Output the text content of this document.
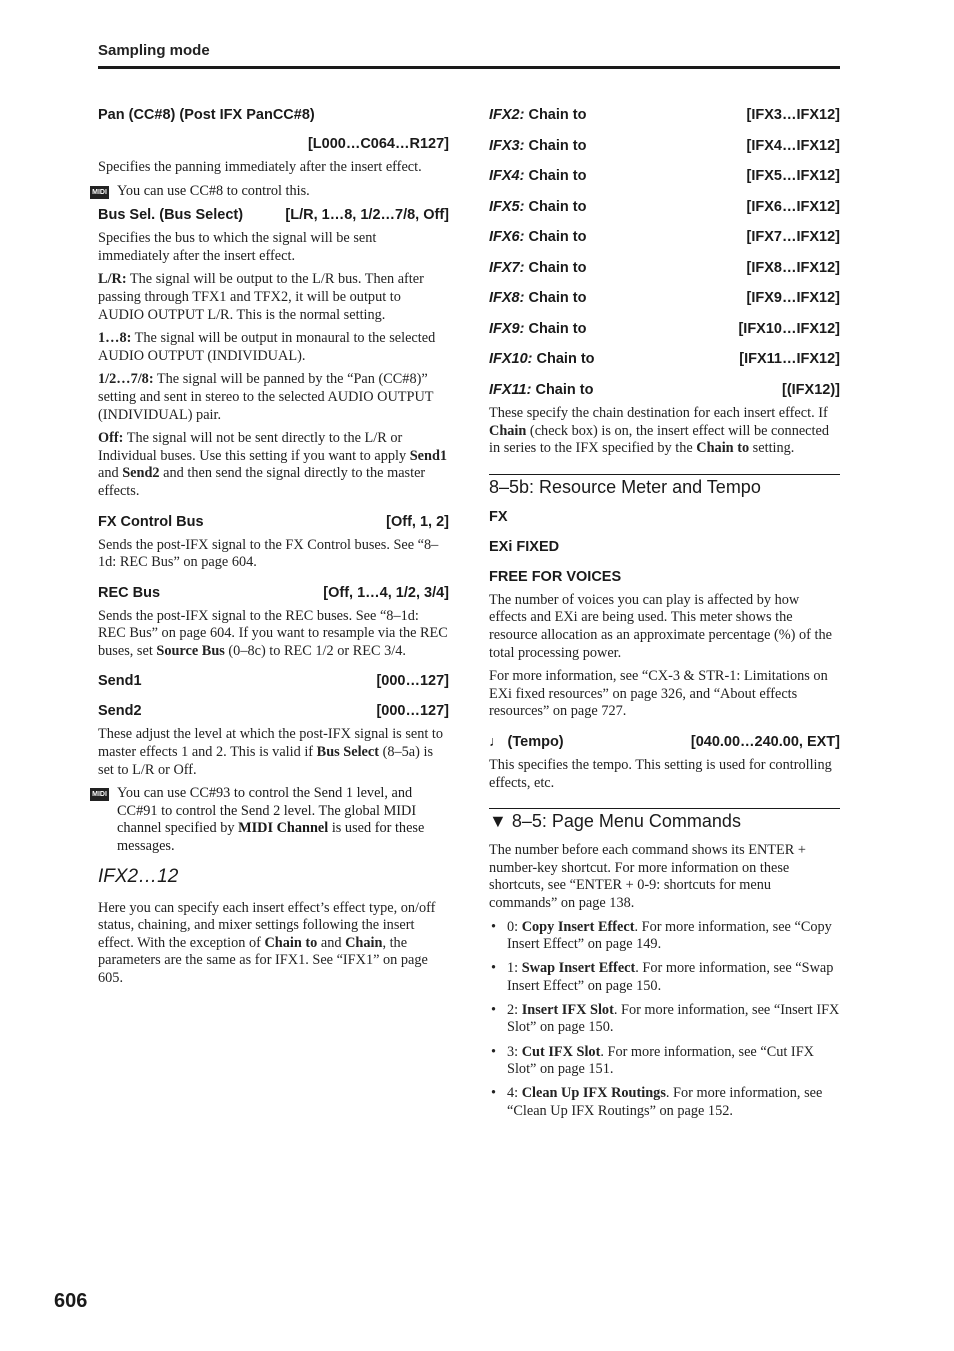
Sampling mode
Pan (CC#8) (Post IFX PanCC#8)
[L000…C064…R127]

Specifies the panning immediately after the insert effect.

MIDI You can use CC#8 to control this.
Bus Sel. (Bus Select)	[L/R, 1…8, 1/2…7/8, Off]

Specifies the bus to which the signal will be sent immediately after the insert effect.

L/R: The signal will be output to the L/R bus. Then after passing through TFX1 and TFX2, it will be output to AUDIO OUTPUT L/R. This is the normal setting.

1…8: The signal will be output in monaural to the selected AUDIO OUTPUT (INDIVIDUAL).

1/2…7/8: The signal will be panned by the “Pan (CC#8)” setting and sent in stereo to the selected AUDIO OUTPUT (INDIVIDUAL) pair.

Off: The signal will not be sent directly to the L/R or Individual buses. Use this setting if you want to apply Send1 and Send2 and then send the signal directly to the master effects.

FX Control Bus	[Off, 1, 2]

Sends the post-IFX signal to the FX Control buses. See “8–1d: REC Bus” on page 604.

REC Bus	[Off, 1…4, 1/2, 3/4]

Sends the post-IFX signal to the REC buses. See “8–1d: REC Bus” on page 604. If you want to resample via the REC buses, set Source Bus (0–8c) to REC 1/2 or REC 3/4.

Send1	[000…127]
Send2	[000…127]

These adjust the level at which the post-IFX signal is sent to master effects 1 and 2. This is valid if Bus Select (8–5a) is set to L/R or Off.

MIDI You can use CC#93 to control the Send 1 level, and CC#91 to control the Send 2 level. The global MIDI channel specified by MIDI Channel is used for these messages.
IFX2…12

Here you can specify each insert effect’s effect type, on/off status, chaining, and mixer settings following the insert effect. With the exception of Chain to and Chain, the parameters are the same as for IFX1. See “IFX1” on page 605.

IFX2: Chain to	[IFX3…IFX12]
IFX3: Chain to	[IFX4…IFX12]
IFX4: Chain to	[IFX5…IFX12]
IFX5: Chain to	[IFX6…IFX12]
IFX6: Chain to	[IFX7…IFX12]
IFX7: Chain to	[IFX8…IFX12]
IFX8: Chain to	[IFX9…IFX12]
IFX9: Chain to	[IFX10…IFX12]
IFX10: Chain to	[IFX11…IFX12]
IFX11: Chain to	[(IFX12)]

These specify the chain destination for each insert effect. If Chain (check box) is on, the insert effect will be connected in series to the IFX specified by the Chain to setting.

8–5b: Resource Meter and Tempo
FX
EXi FIXED
FREE FOR VOICES

The number of voices you can play is affected by how effects and EXi are being used. This meter shows the resource allocation as an approximate percentage (%) of the total processing power.

For more information, see “CX-3 & STR-1: Limitations on EXi fixed resources” on page 326, and “About effects resources” on page 727.

♩ (Tempo)	[040.00…240.00, EXT]

This specifies the tempo. This setting is used for controlling effects, etc.

▼ 8–5: Page Menu Commands

The number before each command shows its ENTER + number-key shortcut. For more information on these shortcuts, see “ENTER + 0-9: shortcuts for menu commands” on page 138.

• 0: Copy Insert Effect. For more information, see “Copy Insert Effect” on page 149.
• 1: Swap Insert Effect. For more information, see “Swap Insert Effect” on page 150.
• 2: Insert IFX Slot. For more information, see “Insert IFX Slot” on page 150.
• 3: Cut IFX Slot. For more information, see “Cut IFX Slot” on page 151.
• 4: Clean Up IFX Routings. For more information, see “Clean Up IFX Routings” on page 152.
606
